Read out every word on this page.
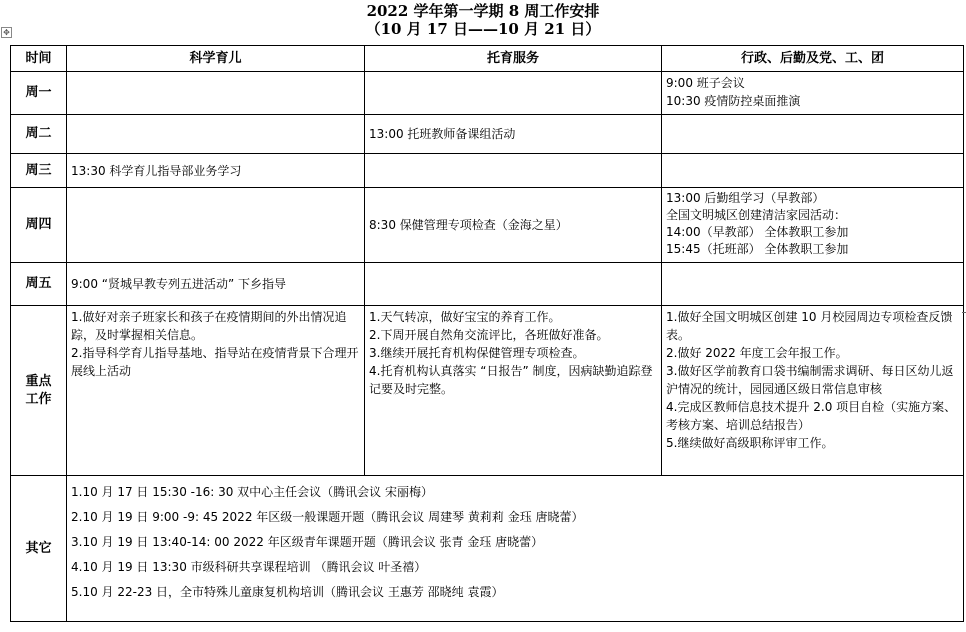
2022 学年第一学期 8 周工作安排
（10 月 17 日——10 月 21 日）
✥
时间	科学育儿	托育服务	行政、后勤及党、工、团
周一			9:00 班子会议
10:30 疫情防控桌面推演

周二		13:00 托班教师备课组活动	
周三	13:30 科学育儿指导部业务学习		
周四		8:30 保健管理专项检查（金海之星）	13:00 后勤组学习（早教部）
全国文明城区创建清洁家园活动：
14:00（早教部） 全体教职工参加
15:45（托班部） 全体教职工参加

周五	9:00 “贤城早教专列五进活动” 下乡指导		

重点
工作	1.做好对亲子班家长和孩子在疫情期间的外出情况追踪，及时掌握相关信息。
2.指导科学育儿指导基地、指导站在疫情背景下合理开展线上活动	1.天气转凉，做好宝宝的养育工作。
2.下周开展自然角交流评比，各班做好准备。
3.继续开展托育机构保健管理专项检查。
4.托育机构认真落实 “日报告” 制度，因病缺勤追踪登记要及时完整。	1.做好全国文明城区创建 10 月校园周边专项检查反馈表。
2.做好 2022 年度工会年报工作。
3.做好区学前教育口袋书编制需求调研、每日区幼儿返沪情况的统计，园园通区级日常信息审核
4.完成区教师信息技术提升 2.0 项目自检（实施方案、考核方案、培训总结报告）
5.继续做好高级职称评审工作。

其它	1.10 月 17 日 15:30 -16: 30 双中心主任会议（腾讯会议 宋丽梅）
2.10 月 19 日 9:00 -9: 45 2022 年区级一般课题开题（腾讯会议 周建琴 黄莉莉 金珏 唐晓蕾）
3.10 月 19 日 13:40-14: 00 2022 年区级青年课题开题（腾讯会议 张青 金珏 唐晓蕾）
4.10 月 19 日 13:30 市级科研共享课程培训 （腾讯会议 叶圣禧）
5.10 月 22-23 日，全市特殊儿童康复机构培训（腾讯会议 王惠芳 邵晓纯 袁霞）		
